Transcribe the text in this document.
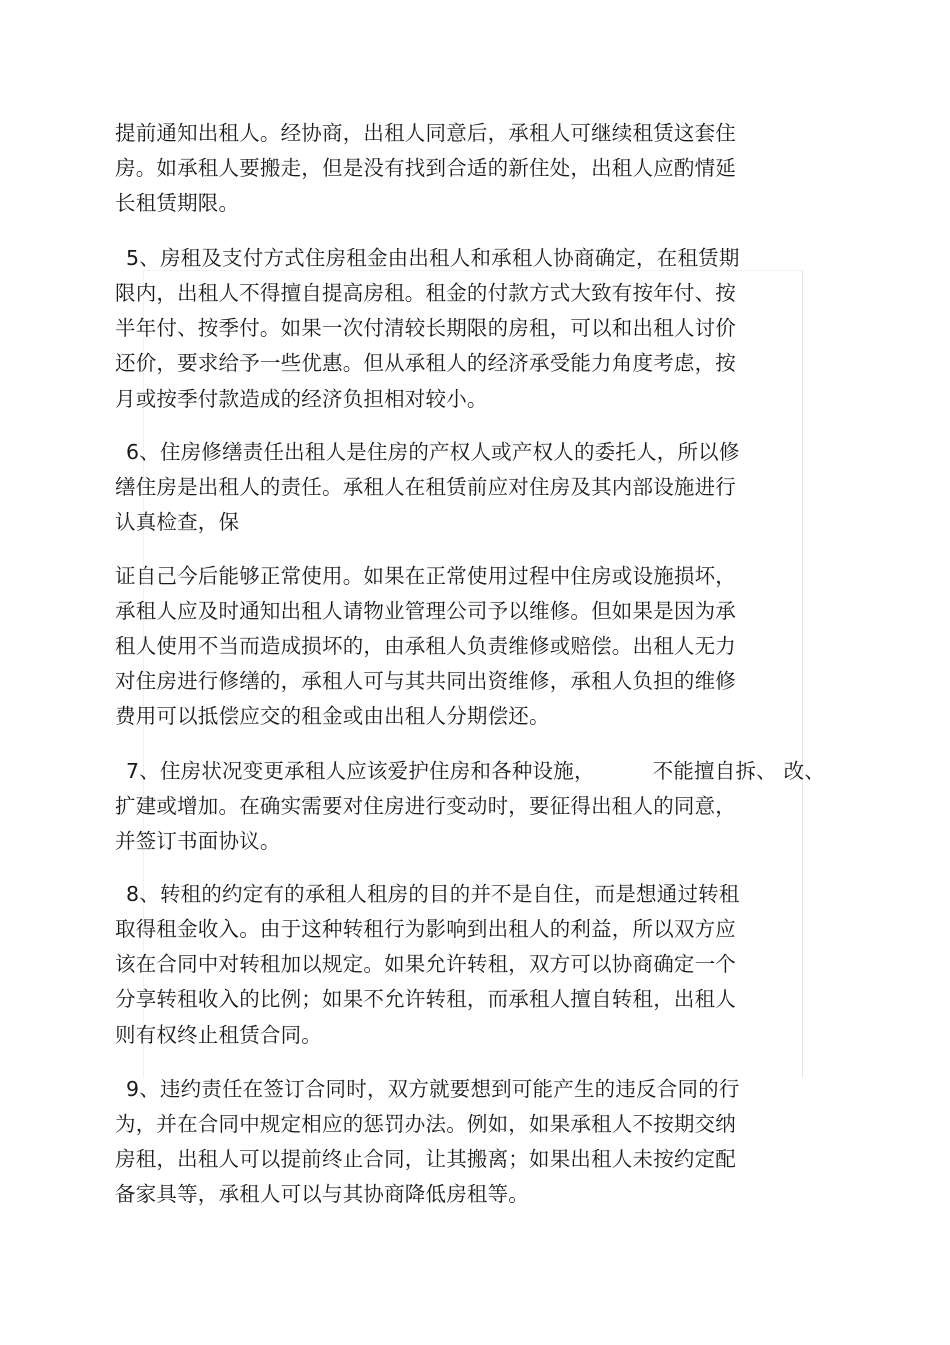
提前通知出租人。经协商，出租人同意后，承租人可继续租赁这套住
房。如承租人要搬走，但是没有找到合适的新住处，出租人应酌情延
长租赁期限。
5、房租及支付方式住房租金由出租人和承租人协商确定，在租赁期
限内，出租人不得擅自提高房租。租金的付款方式大致有按年付、按
半年付、按季付。如果一次付清较长期限的房租，可以和出租人讨价
还价，要求给予一些优惠。但从承租人的经济承受能力角度考虑，按
月或按季付款造成的经济负担相对较小。
6、住房修缮责任出租人是住房的产权人或产权人的委托人，所以修
缮住房是出租人的责任。承租人在租赁前应对住房及其内部设施进行
认真检查，保
证自己今后能够正常使用。如果在正常使用过程中住房或设施损坏，
承租人应及时通知出租人请物业管理公司予以维修。但如果是因为承
租人使用不当而造成损坏的，由承租人负责维修或赔偿。出租人无力
对住房进行修缮的，承租人可与其共同出资维修，承租人负担的维修
费用可以抵偿应交的租金或由出租人分期偿还。
7、住房状况变更承租人应该爱护住房和各种设施，	不能擅自拆、 改、
扩建或增加。在确实需要对住房进行变动时，要征得出租人的同意，
并签订书面协议。
8、转租的约定有的承租人租房的目的并不是自住，而是想通过转租
取得租金收入。由于这种转租行为影响到出租人的利益，所以双方应
该在合同中对转租加以规定。如果允许转租，双方可以协商确定一个
分享转租收入的比例；如果不允许转租，而承租人擅自转租，出租人
则有权终止租赁合同。
9、违约责任在签订合同时，双方就要想到可能产生的违反合同的行
为，并在合同中规定相应的惩罚办法。例如，如果承租人不按期交纳
房租，出租人可以提前终止合同，让其搬离；如果出租人未按约定配
备家具等，承租人可以与其协商降低房租等。
